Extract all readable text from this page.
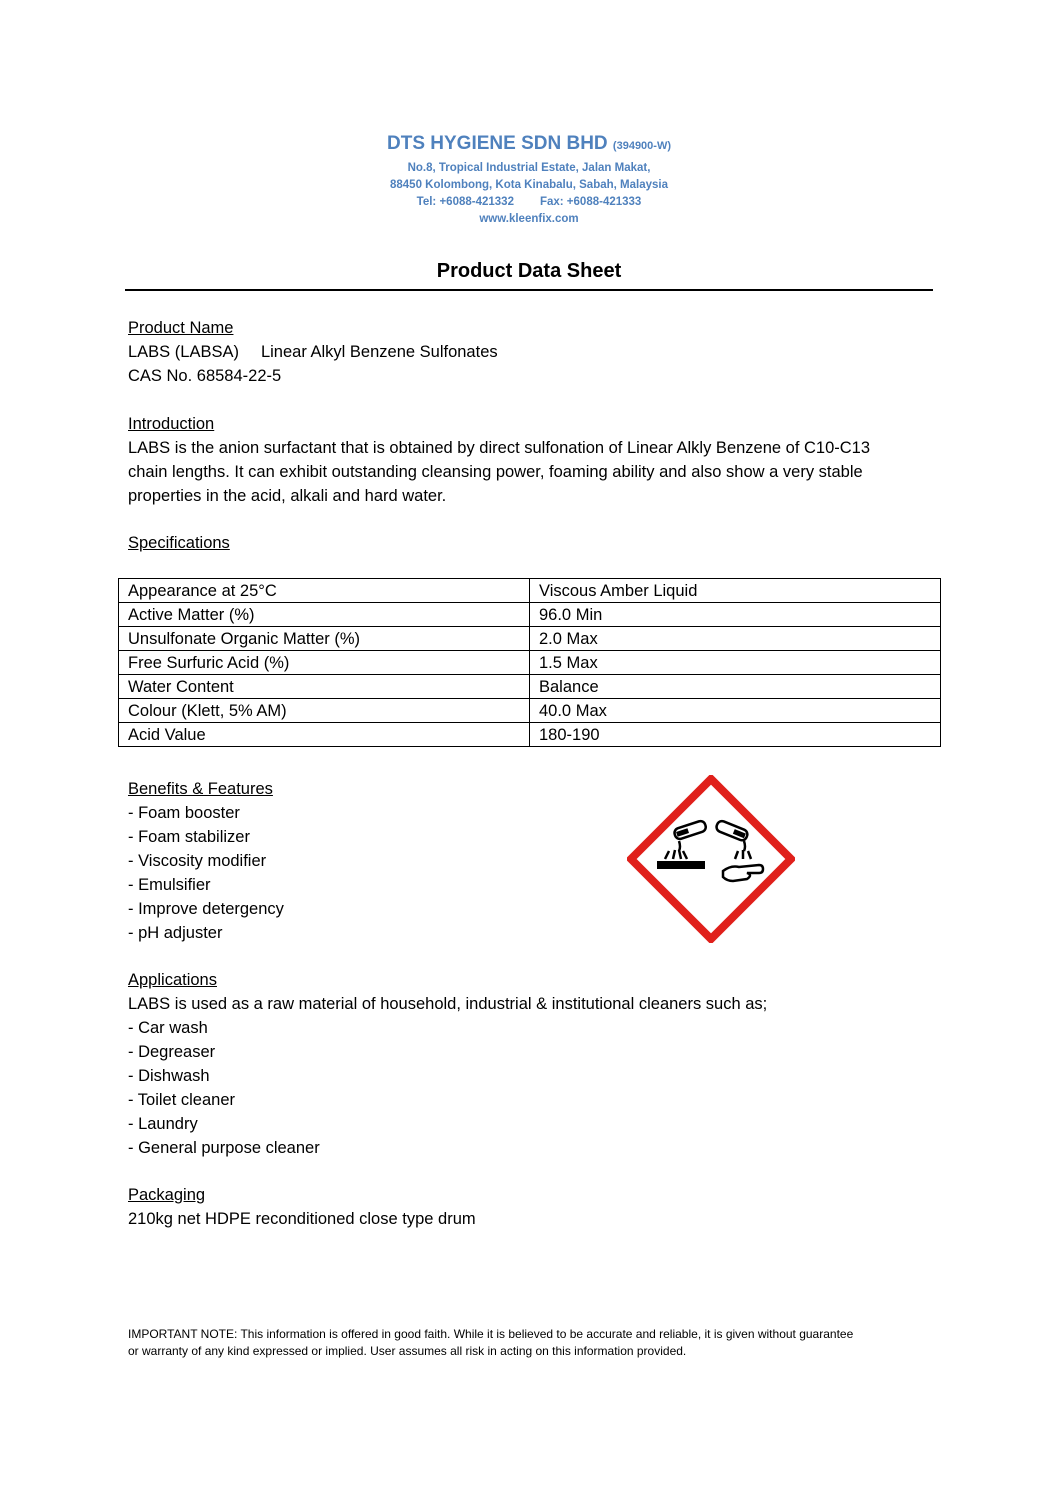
DTS HYGIENE SDN BHD (394900-W)
No.8, Tropical Industrial Estate, Jalan Makat,
88450 Kolombong, Kota Kinabalu, Sabah, Malaysia
Tel: +6088-421332 Fax: +6088-421333
www.kleenfix.com
Product Data Sheet
Product Name
LABS (LABSA) Linear Alkyl Benzene Sulfonates
CAS No. 68584-22-5
Introduction
LABS is the anion surfactant that is obtained by direct sulfonation of Linear Alkly Benzene of C10-C13
chain lengths. It can exhibit outstanding cleansing power, foaming ability and also show a very stable
properties in the acid, alkali and hard water.
Specifications
Appearance at 25°C	Viscous Amber Liquid
Active Matter (%)	96.0 Min
Unsulfonate Organic Matter (%)	2.0 Max
Free Surfuric Acid (%)	1.5 Max
Water Content	Balance
Colour (Klett, 5% AM)	40.0 Max
Acid Value	180-190
Benefits & Features
- Foam booster
- Foam stabilizer
- Viscosity modifier
- Emulsifier
- Improve detergency
- pH adjuster
Applications
LABS is used as a raw material of household, industrial & institutional cleaners such as;
- Car wash
- Degreaser
- Dishwash
- Toilet cleaner
- Laundry
- General purpose cleaner
Packaging
210kg net HDPE reconditioned close type drum
IMPORTANT NOTE: This information is offered in good faith. While it is believed to be accurate and reliable, it is given without guarantee
or warranty of any kind expressed or implied. User assumes all risk in acting on this information provided.
